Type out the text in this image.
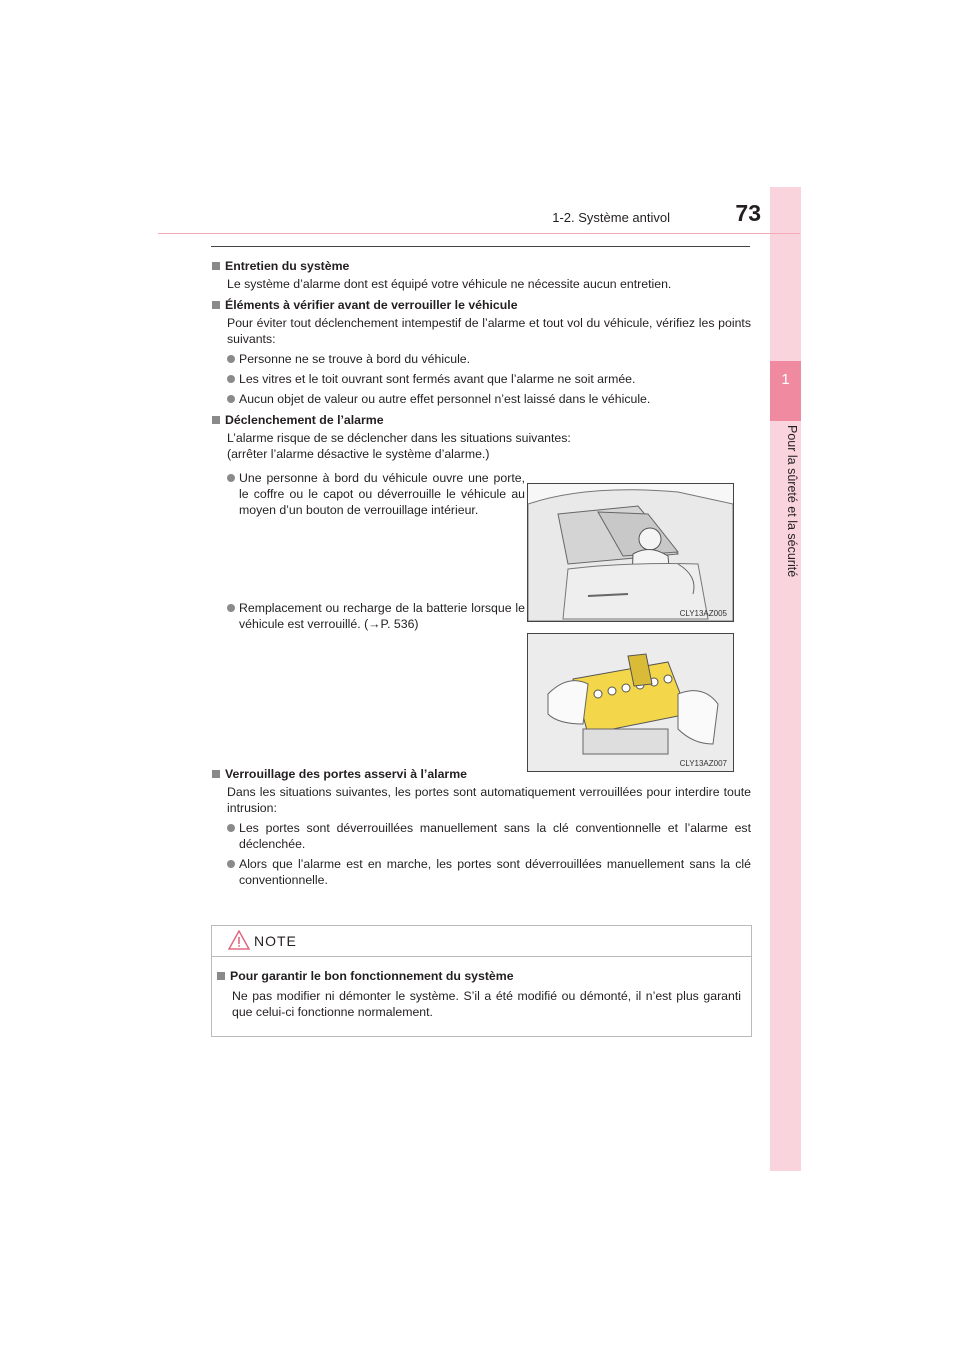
1
Pour la sûreté et la sécurité
1-2. Système antivol	73

Entretien du système

Le système d’alarme dont est équipé votre véhicule ne nécessite aucun entretien.

Éléments à vérifier avant de verrouiller le véhicule

Pour éviter tout déclenchement intempestif de l’alarme et tout vol du véhicule, vérifiez les points suivants:

Personne ne se trouve à bord du véhicule.

Les vitres et le toit ouvrant sont fermés avant que l’alarme ne soit armée.

Aucun objet de valeur ou autre effet personnel n’est laissé dans le véhicule.

Déclenchement de l’alarme

L’alarme risque de se déclencher dans les situations suivantes:

(arrêter l’alarme désactive le système d’alarme.)

Une personne à bord du véhicule ouvre une porte, le coffre ou le capot ou déverrouille le véhicule au moyen d’un bouton de verrouillage intérieur.

Remplacement ou recharge de la batterie lorsque le véhicule est verrouillé. (→P. 536)

Verrouillage des portes asservi à l’alarme

Dans les situations suivantes, les portes sont automatiquement verrouillées pour interdire toute intrusion:

Les portes sont déverrouillées manuellement sans la clé conventionnelle et l’alarme est déclenchée.

Alors que l’alarme est en marche, les portes sont déverrouillées manuellement sans la clé conventionnelle.

CLY13AZ005
CLY13AZ007
NOTE

Pour garantir le bon fonctionnement du système

Ne pas modifier ni démonter le système. S’il a été modifié ou démonté, il n’est plus garanti que celui-ci fonctionne normalement.
